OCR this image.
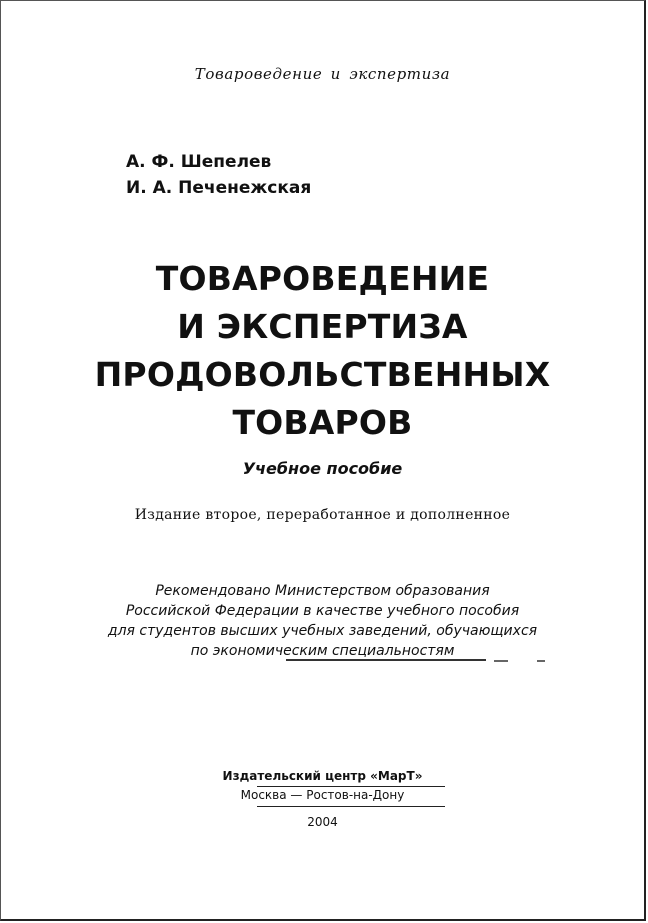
Товароведение и экспертиза
А. Ф. Шепелев
И. А. Печенежская
ТОВАРОВЕДЕНИЕ
И ЭКСПЕРТИЗА
ПРОДОВОЛЬСТВЕННЫХ
ТОВАРОВ
Учебное пособие
Издание второе, переработанное и дополненное
Рекомендовано Министерством образования
Российской Федерации в качестве учебного пособия
для студентов высших учебных заведений, обучающихся
по экономическим специальностям
Издательский центр «МарТ»
Москва — Ростов-на-Дону
2004
